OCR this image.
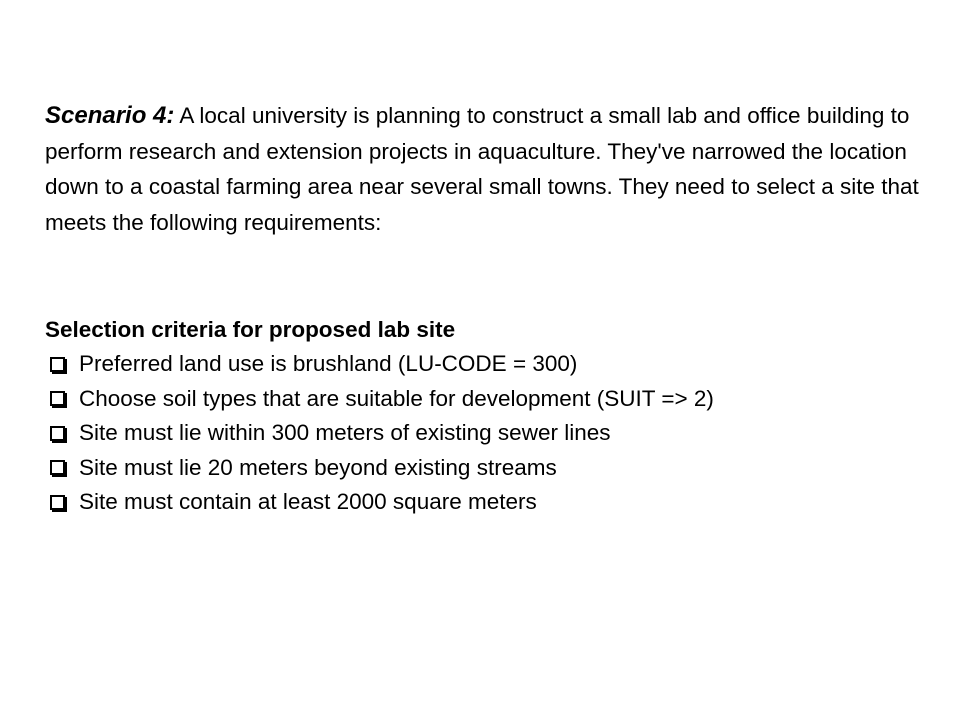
Scenario 4: A local university is planning to construct a small lab and office building to perform research and extension projects in aquaculture. They've narrowed the location down to a coastal farming area near several small towns. They need to select a site that meets the following requirements:

Selection criteria for proposed lab site

Preferred land use is brushland (LU-CODE = 300)
Choose soil types that are suitable for development (SUIT => 2)
Site must lie within 300 meters of existing sewer lines
Site must lie 20 meters beyond existing streams
Site must contain at least 2000 square meters
